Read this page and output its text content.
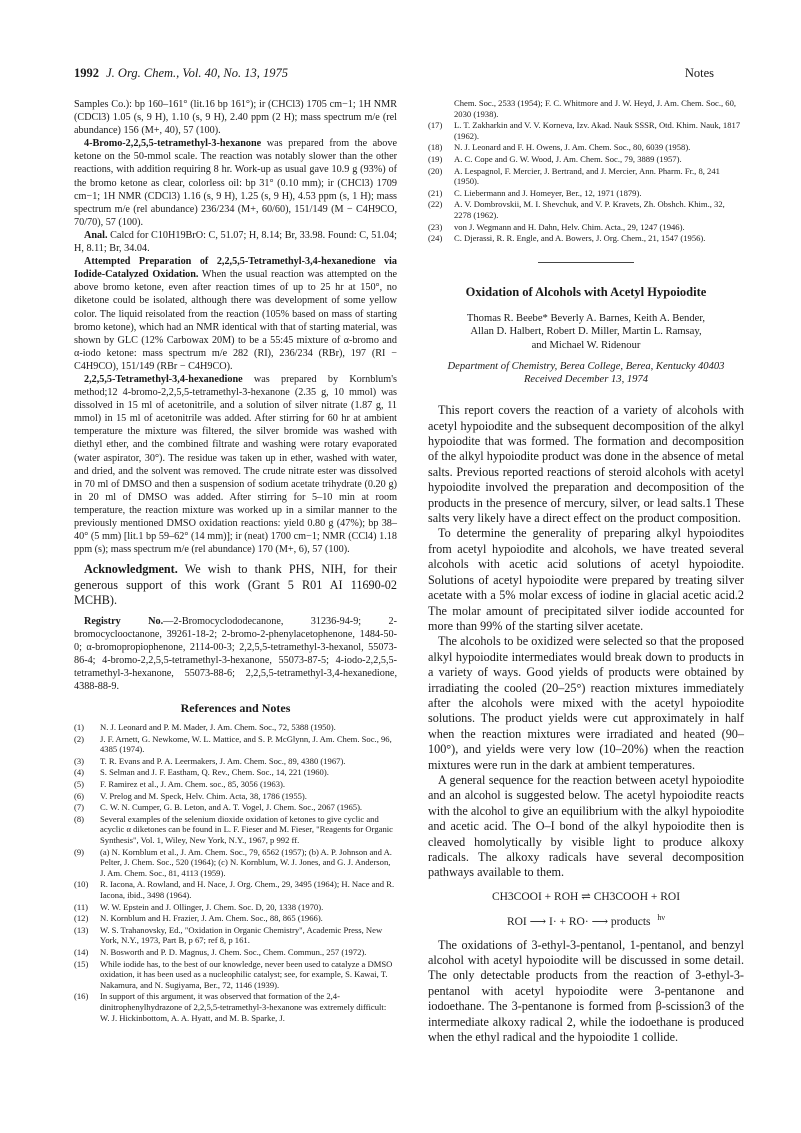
1992 J. Org. Chem., Vol. 40, No. 13, 1975	Notes

Samples Co.): bp 160–161° (lit.16 bp 161°); ir (CHCl3) 1705 cm−1; 1H NMR (CDCl3) 1.05 (s, 9 H), 1.10 (s, 9 H), 2.40 ppm (2 H); mass spectrum m/e (rel abundance) 156 (M+, 40), 57 (100).

4-Bromo-2,2,5,5-tetramethyl-3-hexanone was prepared from the above ketone on the 50-mmol scale. The reaction was notably slower than the other reactions, with addition requiring 8 hr. Work-up as usual gave 10.9 g (93%) of the bromo ketone as clear, colorless oil: bp 31° (0.10 mm); ir (CHCl3) 1709 cm−1; 1H NMR (CDCl3) 1.16 (s, 9 H), 1.25 (s, 9 H), 4.53 ppm (s, 1 H); mass spectrum m/e (rel abundance) 236/234 (M+, 60/60), 151/149 (M − C4H9CO, 70/70), 57 (100).

Anal. Calcd for C10H19BrO: C, 51.07; H, 8.14; Br, 33.98. Found: C, 51.04; H, 8.11; Br, 34.04.

Attempted Preparation of 2,2,5,5-Tetramethyl-3,4-hexanedione via Iodide-Catalyzed Oxidation. When the usual reaction was attempted on the above bromo ketone, even after reaction times of up to 25 hr at 150°, no diketone could be isolated, although there was development of some yellow color. The liquid reisolated from the reaction (105% based on mass of starting bromo ketone), which had an NMR identical with that of starting material, was shown by GLC (12% Carbowax 20M) to be a 55:45 mixture of α-bromo and α-iodo ketone: mass spectrum m/e 282 (RI), 236/234 (RBr), 197 (RI − C4H9CO), 151/149 (RBr − C4H9CO).

2,2,5,5-Tetramethyl-3,4-hexanedione was prepared by Kornblum's method;12 4-bromo-2,2,5,5-tetramethyl-3-hexanone (2.35 g, 10 mmol) was dissolved in 15 ml of acetonitrile, and a solution of silver nitrate (1.87 g, 11 mmol) in 15 ml of acetonitrile was added. After stirring for 60 hr at ambient temperature the mixture was filtered, the silver bromide was washed with diethyl ether, and the combined filtrate and washing were rotary evaporated (water aspirator, 30°). The residue was taken up in ether, washed with water, and dried, and the solvent was removed. The crude nitrate ester was dissolved in 70 ml of DMSO and then a suspension of sodium acetate trihydrate (0.20 g) in 20 ml of DMSO was added. After stirring for 5–10 min at room temperature, the reaction mixture was worked up in a similar manner to the previously mentioned DMSO oxidation reactions: yield 0.80 g (47%); bp 38–40° (5 mm) [lit.1 bp 59–62° (14 mm)]; ir (neat) 1700 cm−1; NMR (CCl4) 1.18 ppm (s); mass spectrum m/e (rel abundance) 170 (M+, 6), 57 (100).

Acknowledgment. We wish to thank PHS, NIH, for their generous support of this work (Grant 5 R01 AI 11690-02 MCHB).

Registry No.—2-Bromocyclododecanone, 31236-94-9; 2-bromocyclooctanone, 39261-18-2; 2-bromo-2-phenylacetophenone, 1484-50-0; α-bromopropiophenone, 2114-00-3; 2,2,5,5-tetramethyl-3-hexanol, 55073-86-4; 4-bromo-2,2,5,5-tetramethyl-3-hexanone, 55073-87-5; 4-iodo-2,2,5,5-tetramethyl-3-hexanone, 55073-88-6; 2,2,5,5-tetramethyl-3,4-hexanedione, 4388-88-9.

References and Notes
(1)	N. J. Leonard and P. M. Mader, J. Am. Chem. Soc., 72, 5388 (1950).
(2)	J. F. Arnett, G. Newkome, W. L. Mattice, and S. P. McGlynn, J. Am. Chem. Soc., 96, 4385 (1974).
(3)	T. R. Evans and P. A. Leermakers, J. Am. Chem. Soc., 89, 4380 (1967).
(4)	S. Selman and J. F. Eastham, Q. Rev., Chem. Soc., 14, 221 (1960).
(5)	F. Ramirez et al., J. Am. Chem. soc., 85, 3056 (1963).
(6)	V. Prelog and M. Speck, Helv. Chim. Acta, 38, 1786 (1955).
(7)	C. W. N. Cumper, G. B. Leton, and A. T. Vogel, J. Chem. Soc., 2067 (1965).
(8)	Several examples of the selenium dioxide oxidation of ketones to give cyclic and acyclic α diketones can be found in L. F. Fieser and M. Fieser, "Reagents for Organic Synthesis", Vol. 1, Wiley, New York, N.Y., 1967, p 992 ff.
(9)	(a) N. Kornblum et al., J. Am. Chem. Soc., 79, 6562 (1957); (b) A. P. Johnson and A. Pelter, J. Chem. Soc., 520 (1964); (c) N. Kornblum, W. J. Jones, and G. J. Anderson, J. Am. Chem. Soc., 81, 4113 (1959).
(10)	R. Iacona, A. Rowland, and H. Nace, J. Org. Chem., 29, 3495 (1964); H. Nace and R. Iacona, ibid., 3498 (1964).
(11)	W. W. Epstein and J. Ollinger, J. Chem. Soc. D, 20, 1338 (1970).
(12)	N. Kornblum and H. Frazier, J. Am. Chem. Soc., 88, 865 (1966).
(13)	W. S. Trahanovsky, Ed., "Oxidation in Organic Chemistry", Academic Press, New York, N.Y., 1973, Part B, p 67; ref 8, p 161.
(14)	N. Bosworth and P. D. Magnus, J. Chem. Soc., Chem. Commun., 257 (1972).
(15)	While iodide has, to the best of our knowledge, never been used to catalyze a DMSO oxidation, it has been used as a nucleophilic catalyst; see, for example, S. Kawai, T. Nakamura, and N. Sugiyama, Ber., 72, 1146 (1939).
(16)	In support of this argument, it was observed that formation of the 2,4-dinitrophenylhydrazone of 2,2,5,5-tetramethyl-3-hexanone was extremely difficult: W. J. Hickinbottom, A. A. Hyatt, and M. B. Sparke, J.
Chem. Soc., 2533 (1954); F. C. Whitmore and J. W. Heyd, J. Am. Chem. Soc., 60, 2030 (1938).
(17)	L. T. Zakharkin and V. V. Korneva, Izv. Akad. Nauk SSSR, Otd. Khim. Nauk, 1817 (1962).
(18)	N. J. Leonard and F. H. Owens, J. Am. Chem. Soc., 80, 6039 (1958).
(19)	A. C. Cope and G. W. Wood, J. Am. Chem. Soc., 79, 3889 (1957).
(20)	A. Lespagnol, F. Mercier, J. Bertrand, and J. Mercier, Ann. Pharm. Fr., 8, 241 (1950).
(21)	C. Liebermann and J. Homeyer, Ber., 12, 1971 (1879).
(22)	A. V. Dombrovskii, M. I. Shevchuk, and V. P. Kravets, Zh. Obshch. Khim., 32, 2278 (1962).
(23)	von J. Wegmann and H. Dahn, Helv. Chim. Acta., 29, 1247 (1946).
(24)	C. Djerassi, R. R. Engle, and A. Bowers, J. Org. Chem., 21, 1547 (1956).
Oxidation of Alcohols with Acetyl Hypoiodite
Thomas R. Beebe* Beverly A. Barnes, Keith A. Bender,
Allan D. Halbert, Robert D. Miller, Martin L. Ramsay,
and Michael W. Ridenour
Department of Chemistry, Berea College, Berea, Kentucky 40403
Received December 13, 1974

This report covers the reaction of a variety of alcohols with acetyl hypoiodite and the subsequent decomposition of the alkyl hypoiodite that was formed. The formation and decomposition of the alkyl hypoiodite product was done in the absence of metal salts. Previous reported reactions of steroid alcohols with acetyl hypoiodite involved the preparation and decomposition of the products in the presence of mercury, silver, or lead salts.1 These salts very likely have a direct effect on the product composition.

To determine the generality of preparing alkyl hypoiodites from acetyl hypoiodite and alcohols, we have treated several alcohols with acetic acid solutions of acetyl hypoiodite. Solutions of acetyl hypoiodite were prepared by treating silver acetate with a 5% molar excess of iodine in glacial acetic acid.2 The molar amount of precipitated silver iodide accounted for more than 99% of the starting silver acetate.

The alcohols to be oxidized were selected so that the proposed alkyl hypoiodite intermediates would break down to products in a variety of ways. Good yields of products were obtained by irradiating the cooled (20–25°) reaction mixtures immediately after the alcohols were mixed with the acetyl hypoiodite solutions. The product yields were cut approximately in half when the reaction mixtures were irradiated and heated (90–100°), and yields were very low (10–20%) when the reaction mixtures were run in the dark at ambient temperatures.

A general sequence for the reaction between acetyl hypoiodite and an alcohol is suggested below. The acetyl hypoiodite reacts with the alcohol to give an equilibrium with the alkyl hypoiodite and acetic acid. The O–I bond of the alkyl hypoiodite then is cleaved homolytically by visible light to produce alkoxy radicals. The alkoxy radicals have several decomposition pathways available to them.

CH3COOI + ROH ⇌ CH3COOH + ROI
ROI ⟶ I· + RO· ⟶ products $^{h\nu}$

The oxidations of 3-ethyl-3-pentanol, 1-pentanol, and benzyl alcohol with acetyl hypoiodite will be discussed in some detail. The only detectable products from the reaction of 3-ethyl-3-pentanol with acetyl hypoiodite were 3-pentanone and iodoethane. The 3-pentanone is formed from β-scission3 of the intermediate alkoxy radical 2, while the iodoethane is produced when the ethyl radical and the hypoiodite 1 collide.
